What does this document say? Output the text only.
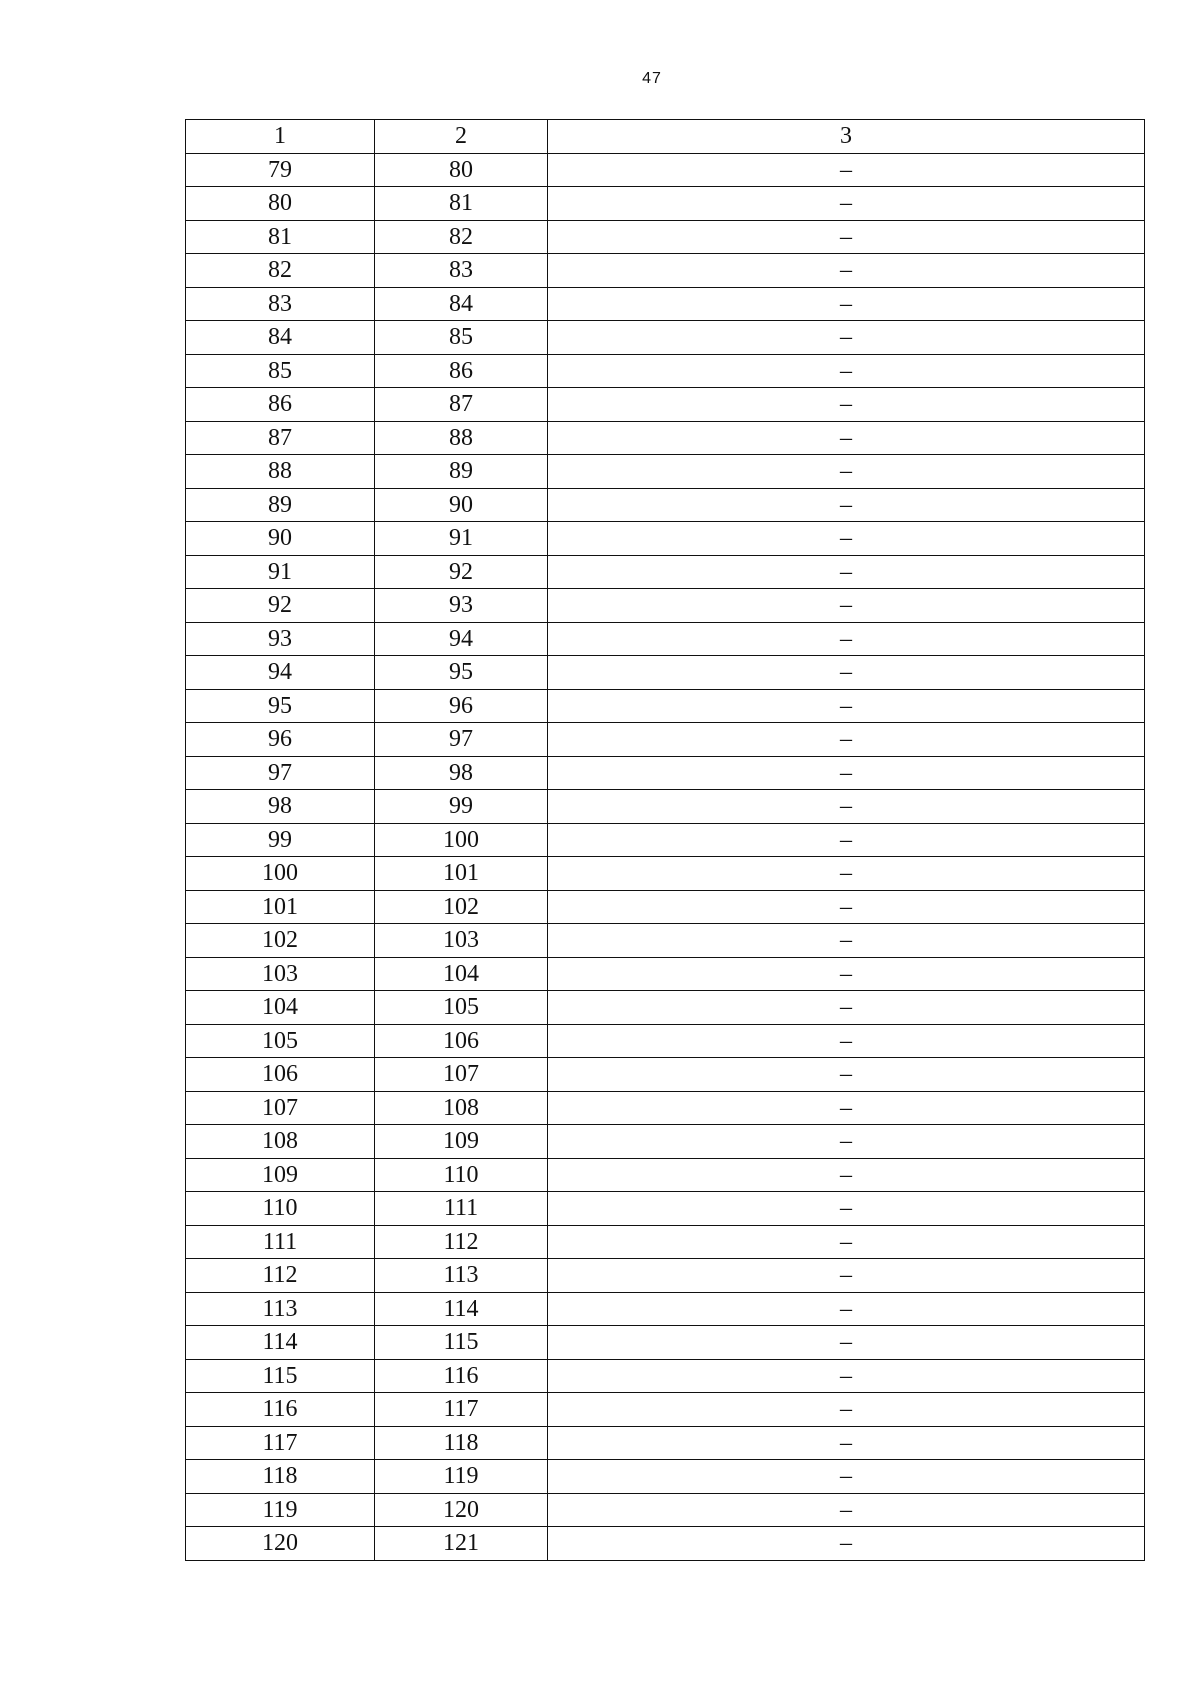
47
1	2	3
79	80	–
80	81	–
81	82	–
82	83	–
83	84	–
84	85	–
85	86	–
86	87	–
87	88	–
88	89	–
89	90	–
90	91	–
91	92	–
92	93	–
93	94	–
94	95	–
95	96	–
96	97	–
97	98	–
98	99	–
99	100	–
100	101	–
101	102	–
102	103	–
103	104	–
104	105	–
105	106	–
106	107	–
107	108	–
108	109	–
109	110	–
110	111	–
111	112	–
112	113	–
113	114	–
114	115	–
115	116	–
116	117	–
117	118	–
118	119	–
119	120	–
120	121	–
